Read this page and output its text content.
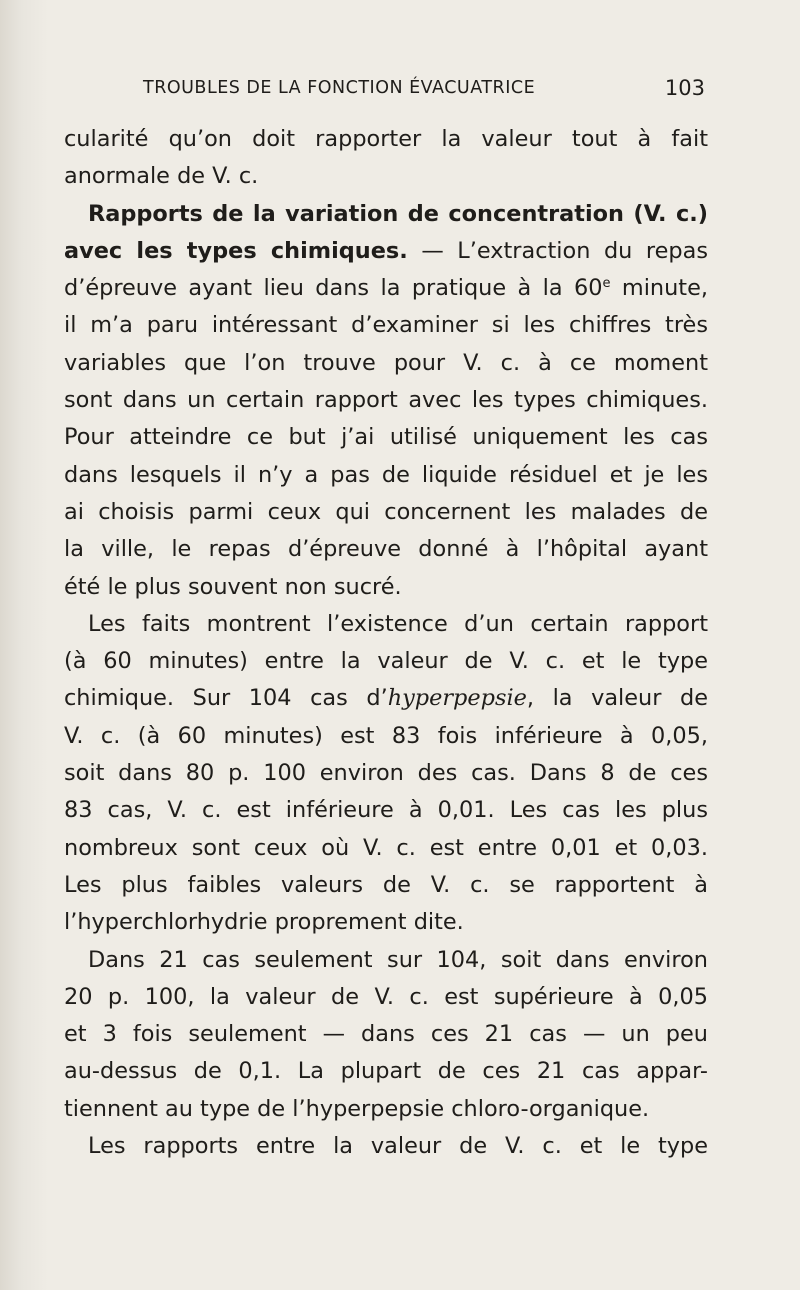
TROUBLES DE LA FONCTION ÉVACUATRICE	103
cularité qu’on doit rapporter la valeur tout à fait
anormale de V. c.
Rapports de la variation de concentration (V. c.)
avec les types chimiques. — L’extraction du repas
d’épreuve ayant lieu dans la pratique à la 60e minute,
il m’a paru intéressant d’examiner si les chiffres très
variables que l’on trouve pour V. c. à ce moment
sont dans un certain rapport avec les types chimiques.
Pour atteindre ce but j’ai utilisé uniquement les cas
dans lesquels il n’y a pas de liquide résiduel et je les
ai choisis parmi ceux qui concernent les malades de
la ville, le repas d’épreuve donné à l’hôpital ayant
été le plus souvent non sucré.
Les faits montrent l’existence d’un certain rapport
(à 60 minutes) entre la valeur de V. c. et le type
chimique. Sur 104 cas d’hyperpepsie, la valeur de
V. c. (à 60 minutes) est 83 fois inférieure à 0,05,
soit dans 80 p. 100 environ des cas. Dans 8 de ces
83 cas, V. c. est inférieure à 0,01. Les cas les plus
nombreux sont ceux où V. c. est entre 0,01 et 0,03.
Les plus faibles valeurs de V. c. se rapportent à
l’hyperchlorhydrie proprement dite.
Dans 21 cas seulement sur 104, soit dans environ
20 p. 100, la valeur de V. c. est supérieure à 0,05
et 3 fois seulement — dans ces 21 cas — un peu
au-dessus de 0,1. La plupart de ces 21 cas appar-
tiennent au type de l’hyperpepsie chloro-organique.
Les rapports entre la valeur de V. c. et le type
